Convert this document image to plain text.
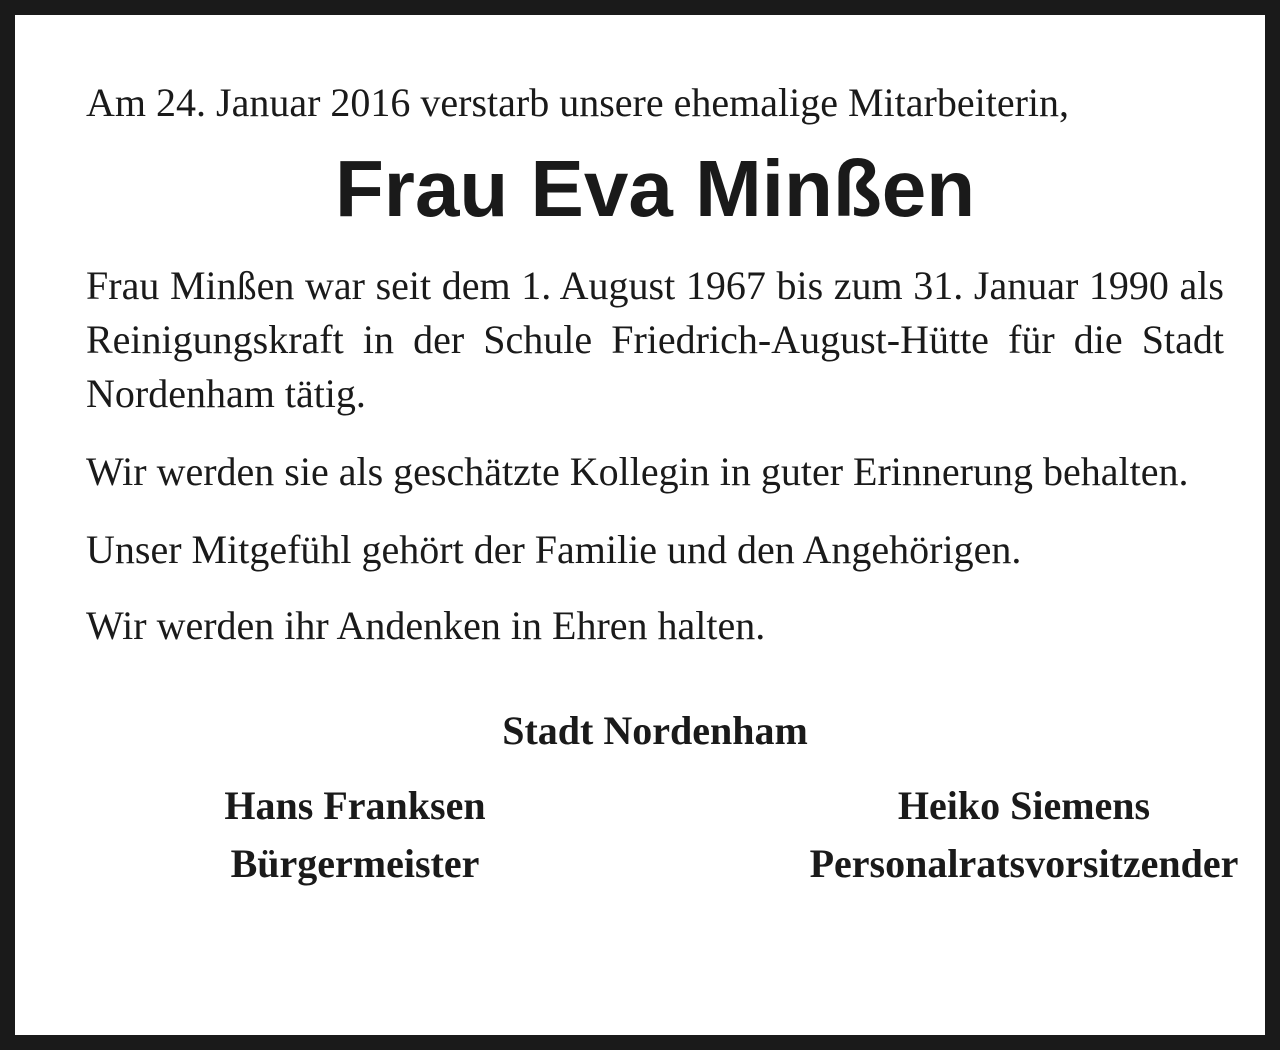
Am 24. Januar 2016 verstarb unsere ehemalige Mitarbeiterin,

Frau Eva Minßen

Frau Minßen war seit dem 1. August 1967 bis zum 31. Januar 1990 als Reinigungskraft in der Schule Friedrich-August-Hütte für die Stadt Nordenham tätig.

Wir werden sie als geschätzte Kollegin in guter Erinnerung behalten.

Unser Mitgefühl gehört der Familie und den Angehörigen.

Wir werden ihr Andenken in Ehren halten.

Stadt Nordenham
Hans Franksen
Bürgermeister
Heiko Siemens
Personalratsvorsitzender
